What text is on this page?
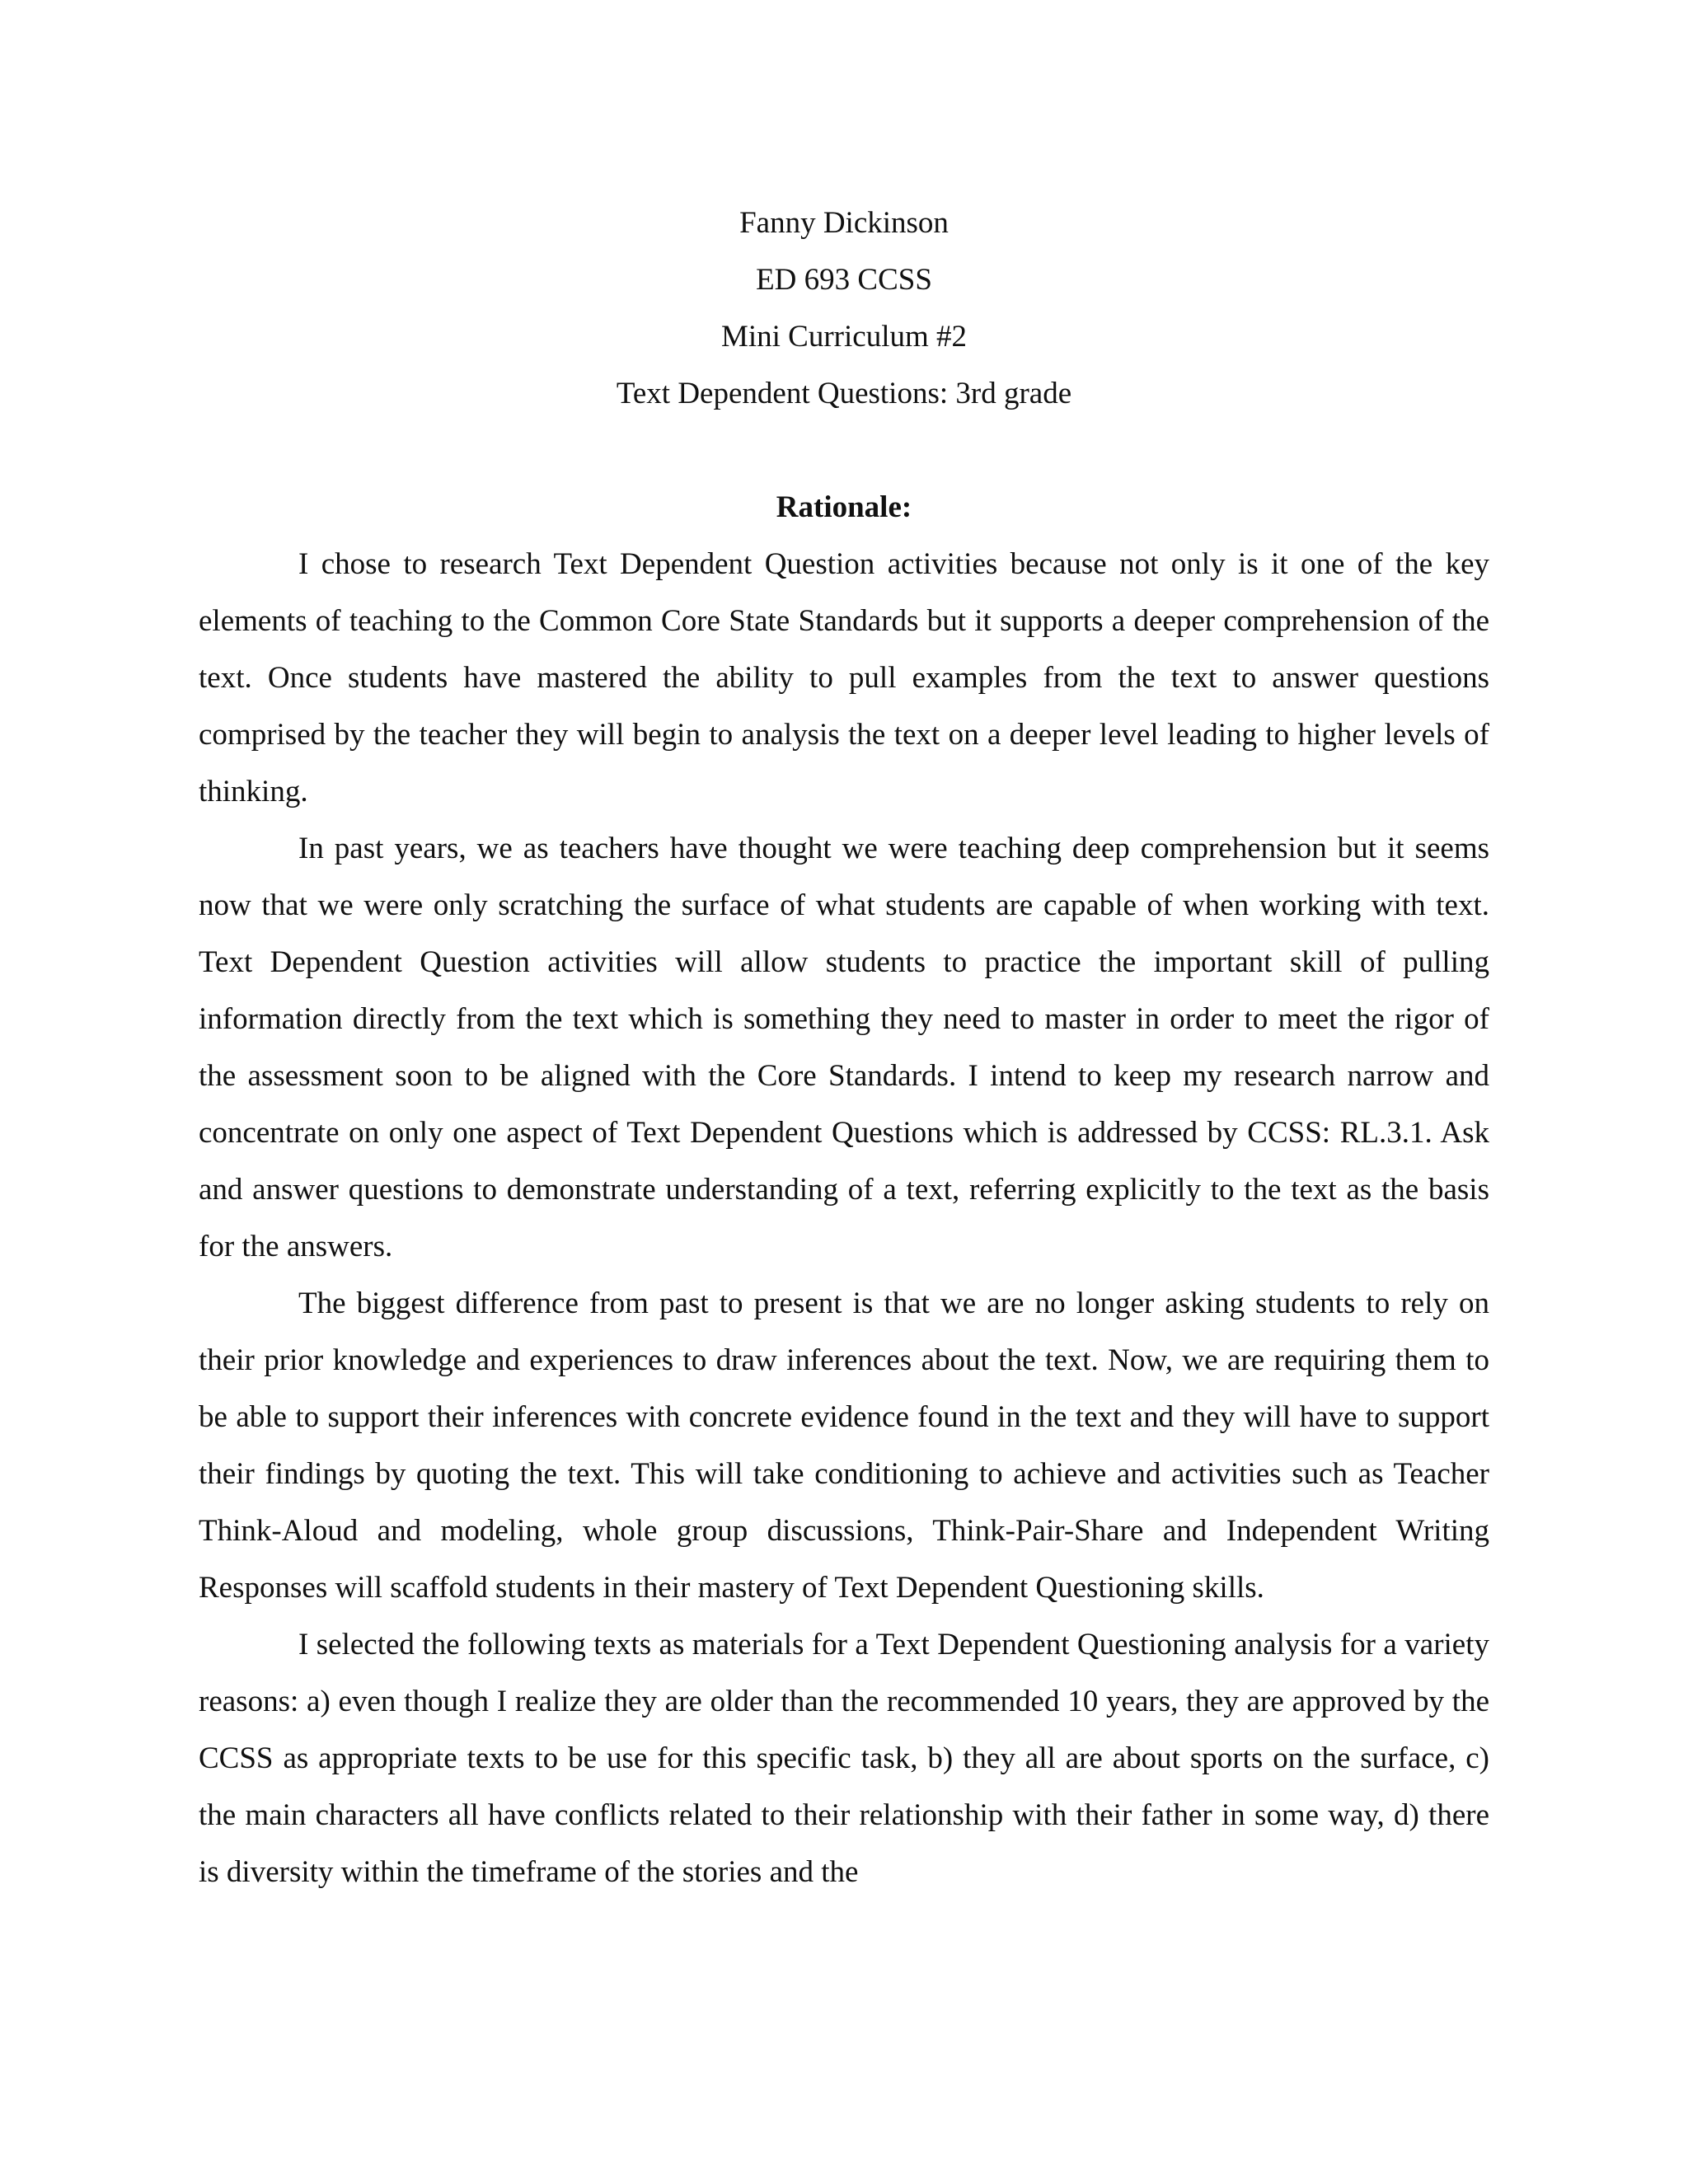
Fanny Dickinson
ED 693 CCSS
Mini Curriculum #2
Text Dependent Questions: 3rd grade
Rationale:

I chose to research Text Dependent Question activities because not only is it one of the key elements of teaching to the Common Core State Standards but it supports a deeper comprehension of the text. Once students have mastered the ability to pull examples from the text to answer questions comprised by the teacher they will begin to analysis the text on a deeper level leading to higher levels of thinking.

In past years, we as teachers have thought we were teaching deep comprehension but it seems now that we were only scratching the surface of what students are capable of when working with text. Text Dependent Question activities will allow students to practice the important skill of pulling information directly from the text which is something they need to master in order to meet the rigor of the assessment soon to be aligned with the Core Standards. I intend to keep my research narrow and concentrate on only one aspect of Text Dependent Questions which is addressed by CCSS: RL.3.1. Ask and answer questions to demonstrate understanding of a text, referring explicitly to the text as the basis for the answers.

The biggest difference from past to present is that we are no longer asking students to rely on their prior knowledge and experiences to draw inferences about the text. Now, we are requiring them to be able to support their inferences with concrete evidence found in the text and they will have to support their findings by quoting the text. This will take conditioning to achieve and activities such as Teacher Think-Aloud and modeling, whole group discussions, Think-Pair-Share and Independent Writing Responses will scaffold students in their mastery of Text Dependent Questioning skills.

I selected the following texts as materials for a Text Dependent Questioning analysis for a variety reasons: a) even though I realize they are older than the recommended 10 years, they are approved by the CCSS as appropriate texts to be use for this specific task, b) they all are about sports on the surface, c) the main characters all have conflicts related to their relationship with their father in some way, d) there is diversity within the timeframe of the stories and the
